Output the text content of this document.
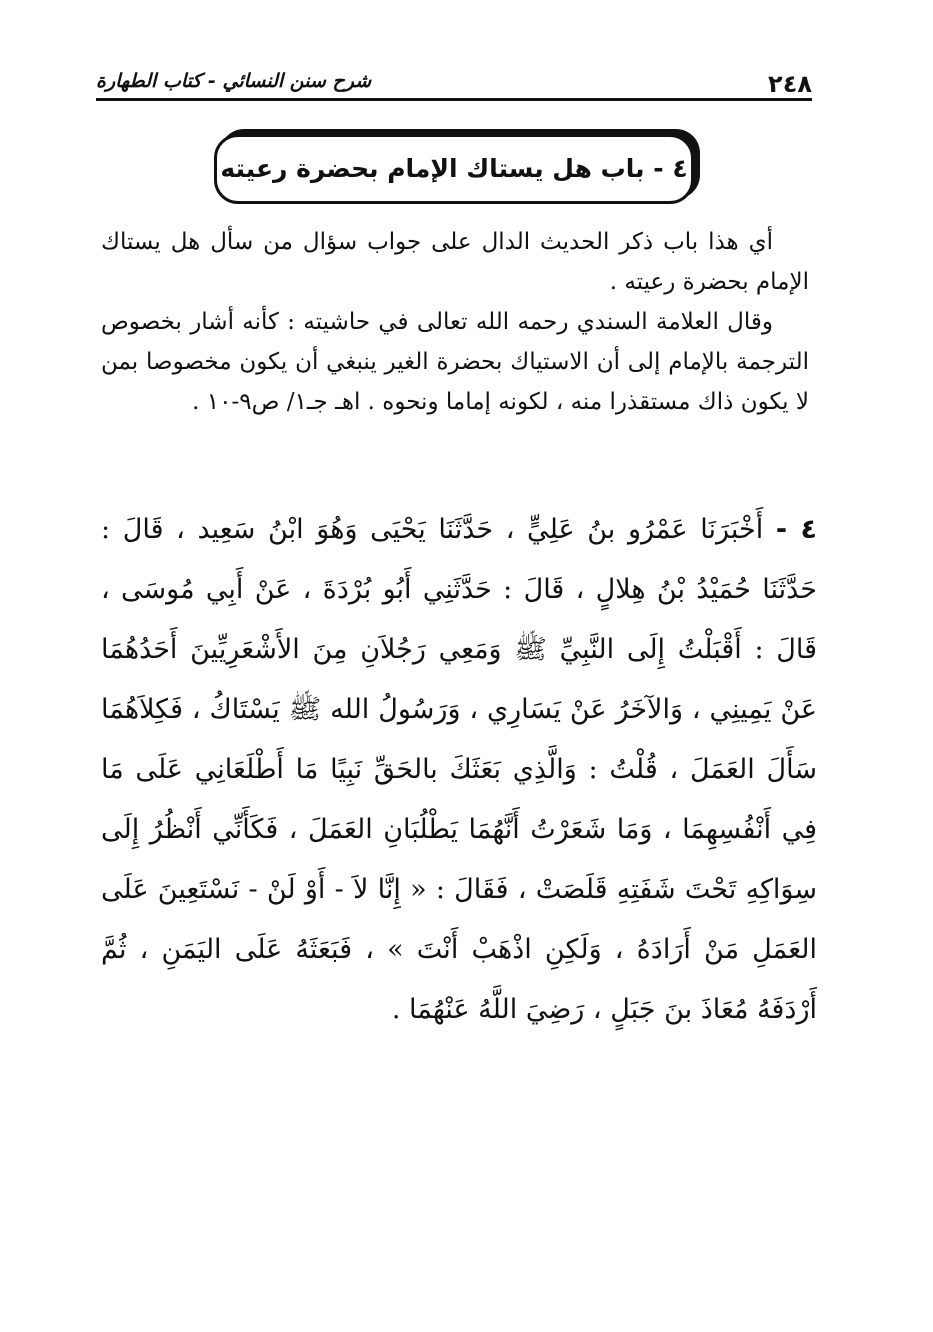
٢٤٨
شرح سنن النسائي - كتاب الطهارة
٤ - باب هل يستاك الإمام بحضرة رعيته

أي هذا باب ذكر الحديث الدال على جواب سؤال من سأل هل يستاك الإمام بحضرة رعيته .

وقال العلامة السندي رحمه الله تعالى في حاشيته : كأنه أشار بخصوص الترجمة بالإمام إلى أن الاستياك بحضرة الغير ينبغي أن يكون مخصوصا بمن لا يكون ذاك مستقذرا منه ، لكونه إماما ونحوه . اهـ جـ١/ ص٩-١٠ .

٤ - أَخْبَرَنَا عَمْرُو بنُ عَلِيٍّ ، حَدَّثَنَا يَحْيَى وَهُوَ ابْنُ سَعِيد ، قَالَ : حَدَّثَنَا حُمَيْدُ بْنُ هِلالٍ ، قَالَ : حَدَّثَنِي أَبُو بُرْدَةَ ، عَنْ أَبِي مُوسَى ، قَالَ : أَقْبَلْتُ إِلَى النَّبِيِّ ﷺ وَمَعِي رَجُلاَنِ مِنَ الأَشْعَرِيِّينَ أَحَدُهُمَا عَنْ يَمِينِي ، وَالآخَرُ عَنْ يَسَارِي ، وَرَسُولُ الله ﷺ يَسْتَاكُ ، فَكِلاَهُمَا سَأَلَ العَمَلَ ، قُلْتُ : وَالَّذِي بَعَثَكَ بالحَقِّ نَبِيًا مَا أَطْلَعَانِي عَلَى مَا فِي أَنْفُسِهِمَا ، وَمَا شَعَرْتُ أَنَّهُمَا يَطْلُبَانِ العَمَلَ ، فَكَأَنِّي أَنْظُرُ إِلَى سِوَاكِهِ تَحْتَ شَفَتِهِ قَلَصَتْ ، فَقَالَ : « إِنَّا لاَ - أَوْ لَنْ - نَسْتَعِينَ عَلَى العَمَلِ مَنْ أَرَادَهُ ، وَلَكِنِ اذْهَبْ أَنْتَ » ، فَبَعَثَهُ عَلَى اليَمَنِ ، ثُمَّ أَرْدَفَهُ مُعَاذَ بنَ جَبَلٍ ، رَضِيَ اللَّهُ عَنْهُمَا .
